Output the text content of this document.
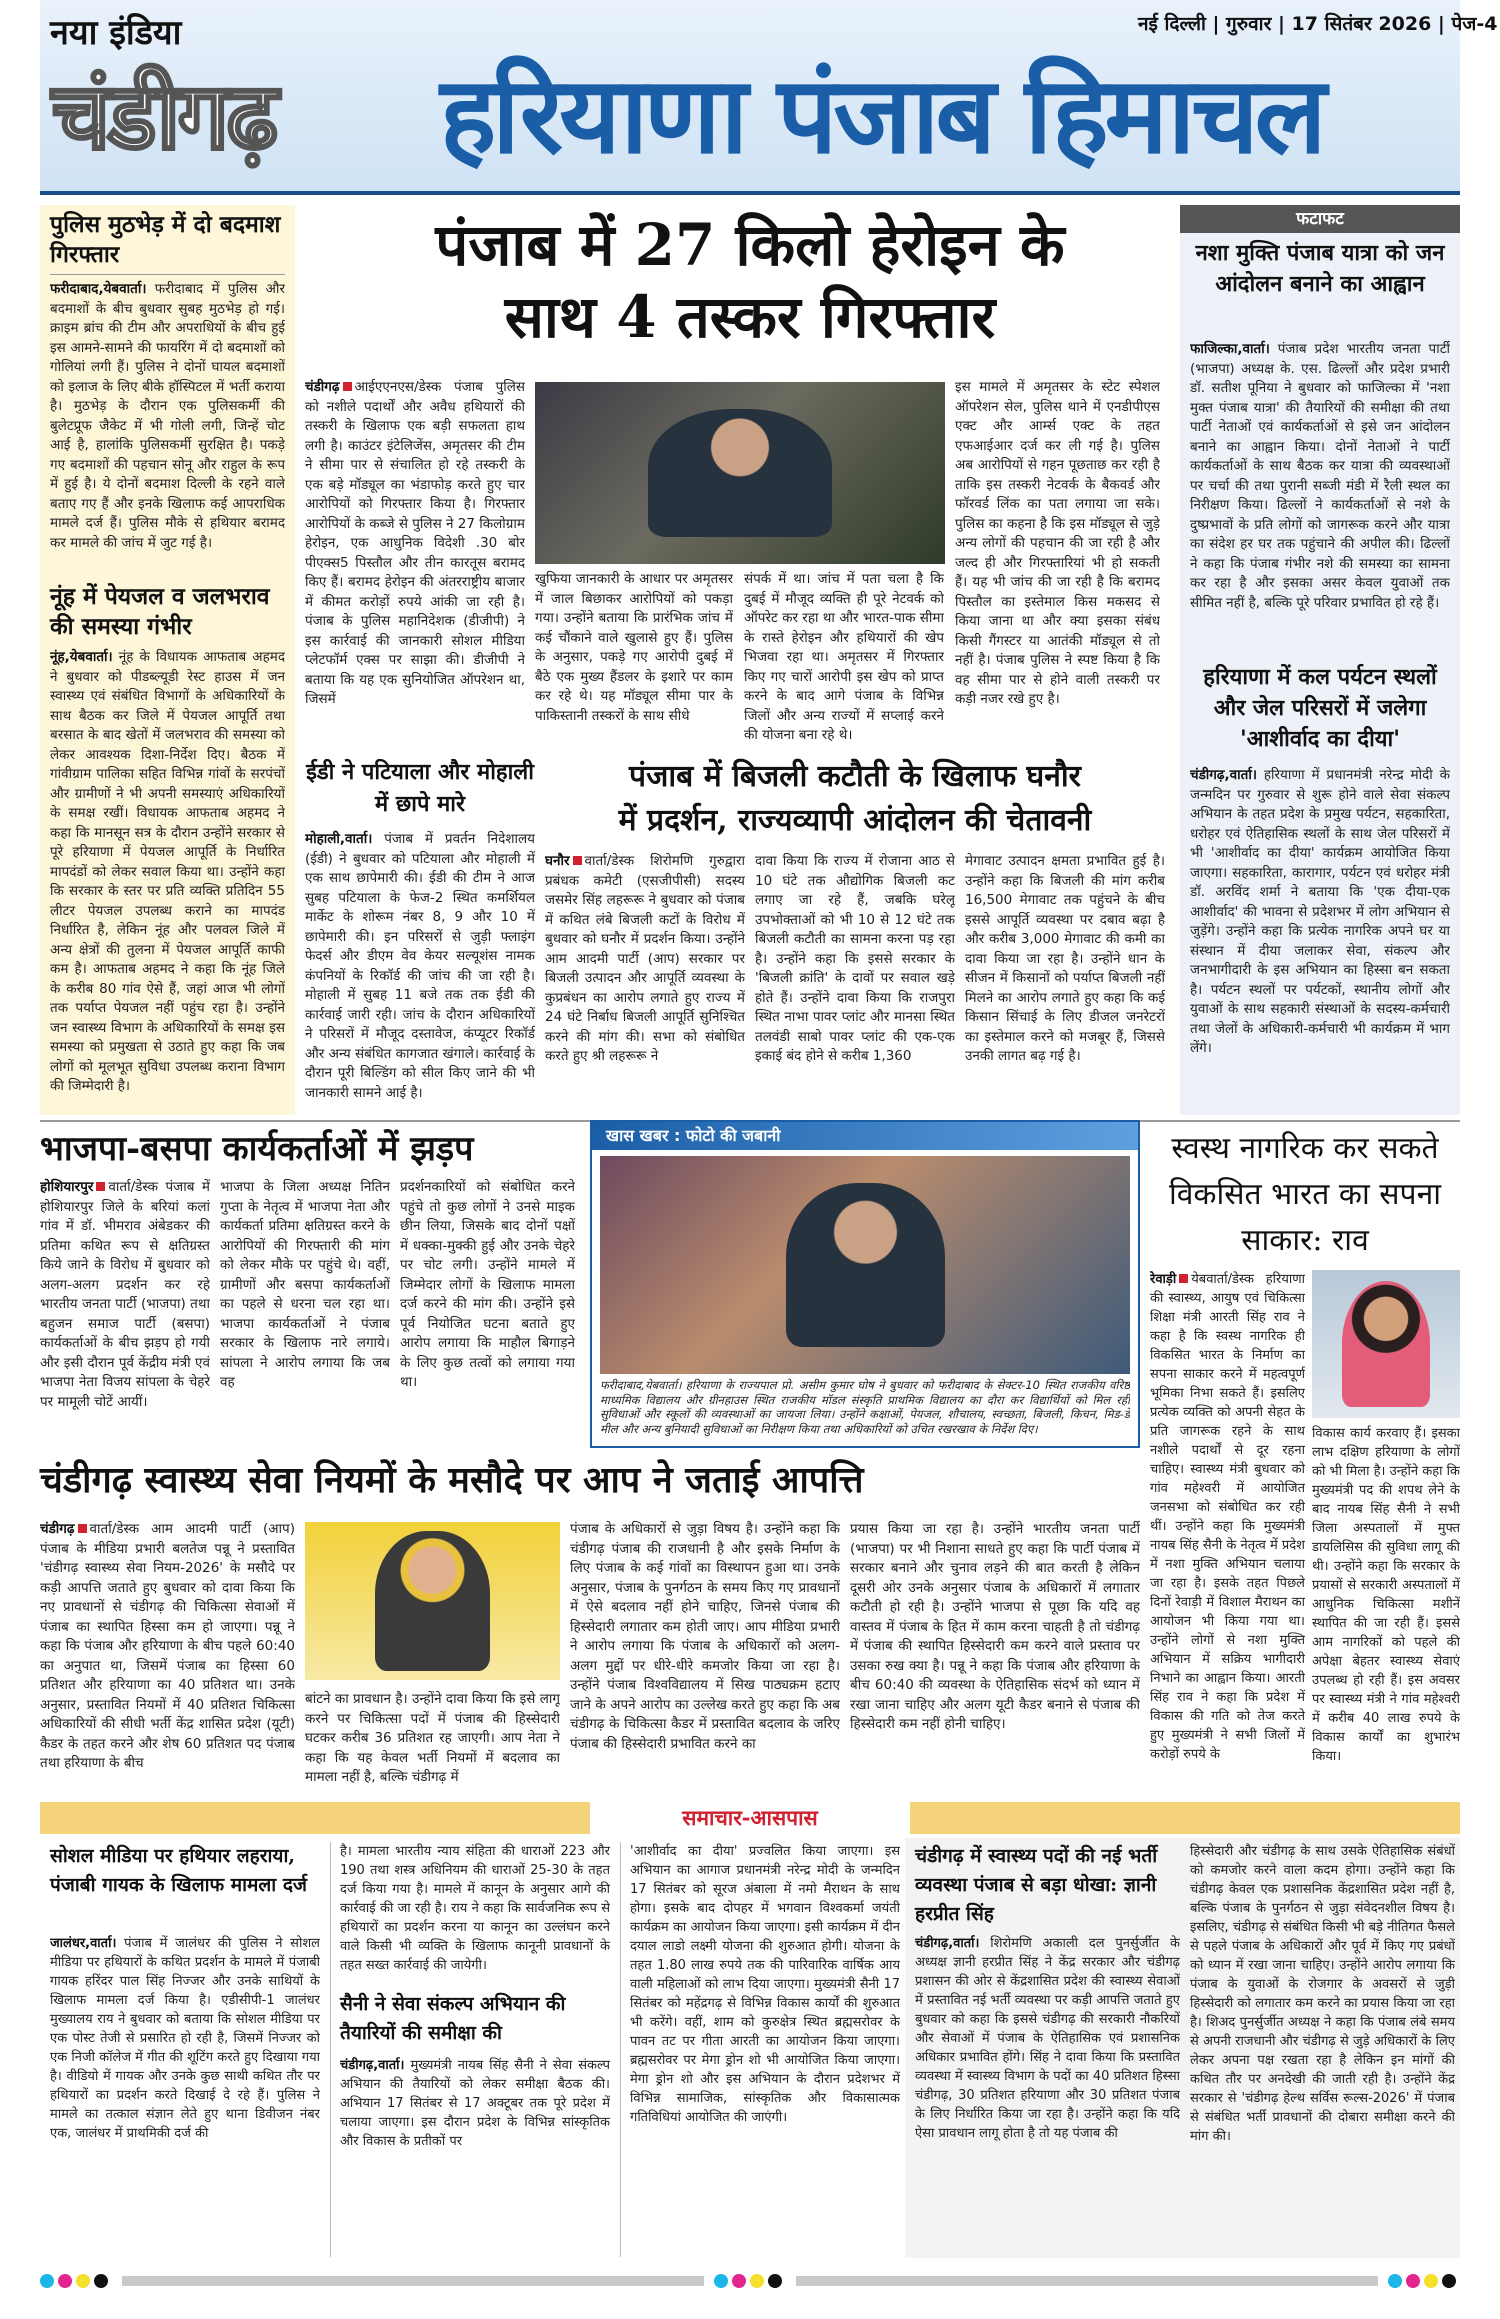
नया इंडिया
चंडीगढ़
नई दिल्ली | गुरुवार | 17 सितंबर 2026 | पेज-4
हरियाणा पंजाब हिमाचल
पुलिस मुठभेड़ में दो बदमाश गिरफ्तार
फरीदाबाद,येबवार्ता। फरीदाबाद में पुलिस और बदमाशों के बीच बुधवार सुबह मुठभेड़ हो गई। क्राइम ब्रांच की टीम और अपराधियों के बीच हुई इस आमने-सामने की फायरिंग में दो बदमाशों को गोलियां लगी हैं। पुलिस ने दोनों घायल बदमाशों को इलाज के लिए बीके हॉस्पिटल में भर्ती कराया है। मुठभेड़ के दौरान एक पुलिसकर्मी की बुलेटप्रूफ जैकेट में भी गोली लगी, जिन्हें चोट आई है, हालांकि पुलिसकर्मी सुरक्षित है। पकड़े गए बदमाशों की पहचान सोनू और राहुल के रूप में हुई है। ये दोनों बदमाश दिल्ली के रहने वाले बताए गए हैं और इनके खिलाफ कई आपराधिक मामले दर्ज हैं। पुलिस मौके से हथियार बरामद कर मामले की जांच में जुट गई है।
नूंह में पेयजल व जलभराव की समस्या गंभीर
नूंह,येबवार्ता। नूंह के विधायक आफताब अहमद ने बुधवार को पीडब्ल्यूडी रेस्ट हाउस में जन स्वास्थ्य एवं संबंधित विभागों के अधिकारियों के साथ बैठक कर जिले में पेयजल आपूर्ति तथा बरसात के बाद खेतों में जलभराव की समस्या को लेकर आवश्यक दिशा-निर्देश दिए। बैठक में गांवीग्राम पालिका सहित विभिन्न गांवों के सरपंचों और ग्रामीणों ने भी अपनी समस्याएं अधिकारियों के समक्ष रखीं। विधायक आफताब अहमद ने कहा कि मानसून सत्र के दौरान उन्होंने सरकार से पूरे हरियाणा में पेयजल आपूर्ति के निर्धारित मापदंडों को लेकर सवाल किया था। उन्होंने कहा कि सरकार के स्तर पर प्रति व्यक्ति प्रतिदिन 55 लीटर पेयजल उपलब्ध कराने का मापदंड निर्धारित है, लेकिन नूंह और पलवल जिले में अन्य क्षेत्रों की तुलना में पेयजल आपूर्ति काफी कम है। आफताब अहमद ने कहा कि नूंह जिले के करीब 80 गांव ऐसे हैं, जहां आज भी लोगों तक पर्याप्त पेयजल नहीं पहुंच रहा है। उन्होंने जन स्वास्थ्य विभाग के अधिकारियों के समक्ष इस समस्या को प्रमुखता से उठाते हुए कहा कि जब लोगों को मूलभूत सुविधा उपलब्ध कराना विभाग की जिम्मेदारी है।
पंजाब में 27 किलो हेरोइन के
साथ 4 तस्कर गिरफ्तार
चंडीगढ़ आईएएनएस/डेस्क पंजाब पुलिस को नशीले पदार्थों और अवैध हथियारों की तस्करी के खिलाफ एक बड़ी सफलता हाथ लगी है। काउंटर इंटेलिजेंस, अमृतसर की टीम ने सीमा पार से संचालित हो रहे तस्करी के एक बड़े मॉड्यूल का भंडाफोड़ करते हुए चार आरोपियों को गिरफ्तार किया है। गिरफ्तार आरोपियों के कब्जे से पुलिस ने 27 किलोग्राम हेरोइन, एक आधुनिक विदेशी .30 बोर पीएक्स5 पिस्तौल और तीन कारतूस बरामद किए हैं। बरामद हेरोइन की अंतरराष्ट्रीय बाजार में कीमत करोड़ों रुपये आंकी जा रही है। पंजाब के पुलिस महानिदेशक (डीजीपी) ने इस कार्रवाई की जानकारी सोशल मीडिया प्लेटफॉर्म एक्स पर साझा की। डीजीपी ने बताया कि यह एक सुनियोजित ऑपरेशन था, जिसमें
खुफिया जानकारी के आधार पर अमृतसर में जाल बिछाकर आरोपियों को पकड़ा गया। उन्होंने बताया कि प्रारंभिक जांच में कई चौंकाने वाले खुलासे हुए हैं। पुलिस के अनुसार, पकड़े गए आरोपी दुबई में बैठे एक मुख्य हैंडलर के इशारे पर काम कर रहे थे। यह मॉड्यूल सीमा पार के पाकिस्तानी तस्करों के साथ सीधे
संपर्क में था। जांच में पता चला है कि दुबई में मौजूद व्यक्ति ही पूरे नेटवर्क को ऑपरेट कर रहा था और भारत-पाक सीमा के रास्ते हेरोइन और हथियारों की खेप भिजवा रहा था। अमृतसर में गिरफ्तार किए गए चारों आरोपी इस खेप को प्राप्त करने के बाद आगे पंजाब के विभिन्न जिलों और अन्य राज्यों में सप्लाई करने की योजना बना रहे थे।
इस मामले में अमृतसर के स्टेट स्पेशल ऑपरेशन सेल, पुलिस थाने में एनडीपीएस एक्ट और आर्म्स एक्ट के तहत एफआईआर दर्ज कर ली गई है। पुलिस अब आरोपियों से गहन पूछताछ कर रही है ताकि इस तस्करी नेटवर्क के बैकवर्ड और फॉरवर्ड लिंक का पता लगाया जा सके। पुलिस का कहना है कि इस मॉड्यूल से जुड़े अन्य लोगों की पहचान की जा रही है और जल्द ही और गिरफ्तारियां भी हो सकती हैं। यह भी जांच की जा रही है कि बरामद पिस्तौल का इस्तेमाल किस मकसद से किया जाना था और क्या इसका संबंध किसी गैंगस्टर या आतंकी मॉड्यूल से तो नहीं है। पंजाब पुलिस ने स्पष्ट किया है कि वह सीमा पार से होने वाली तस्करी पर कड़ी नजर रखे हुए है।
ईडी ने पटियाला और मोहाली में छापे मारे
मोहाली,वार्ता। पंजाब में प्रवर्तन निदेशालय (ईडी) ने बुधवार को पटियाला और मोहाली में एक साथ छापेमारी की। ईडी की टीम ने आज सुबह पटियाला के फेज-2 स्थित कमर्शियल मार्केट के शोरूम नंबर 8, 9 और 10 में छापेमारी की। इन परिसरों से जुड़ी फ्लाइंग फेदर्स और डीएम वेव केयर सल्यूशंस नामक कंपनियों के रिकॉर्ड की जांच की जा रही है। मोहाली में सुबह 11 बजे तक तक ईडी की कार्रवाई जारी रही। जांच के दौरान अधिकारियों ने परिसरों में मौजूद दस्तावेज, कंप्यूटर रिकॉर्ड और अन्य संबंधित कागजात खंगाले। कार्रवाई के दौरान पूरी बिल्डिंग को सील किए जाने की भी जानकारी सामने आई है।
पंजाब में बिजली कटौती के खिलाफ घनौर
में प्रदर्शन, राज्यव्यापी आंदोलन की चेतावनी
घनौर वार्ता/डेस्क शिरोमणि गुरुद्वारा प्रबंधक कमेटी (एसजीपीसी) सदस्य जसमेर सिंह लहरूरू ने बुधवार को पंजाब में कथित लंबे बिजली कटों के विरोध में बुधवार को घनौर में प्रदर्शन किया। उन्होंने आम आदमी पार्टी (आप) सरकार पर बिजली उत्पादन और आपूर्ति व्यवस्था के कुप्रबंधन का आरोप लगाते हुए राज्य में 24 घंटे निर्बाध बिजली आपूर्ति सुनिश्चित करने की मांग की। सभा को संबोधित करते हुए श्री लहरूरू ने
दावा किया कि राज्य में रोजाना आठ से 10 घंटे तक औद्योगिक बिजली कट लगाए जा रहे हैं, जबकि घरेलू उपभोक्ताओं को भी 10 से 12 घंटे तक बिजली कटौती का सामना करना पड़ रहा है। उन्होंने कहा कि इससे सरकार के 'बिजली क्रांति' के दावों पर सवाल खड़े होते हैं। उन्होंने दावा किया कि राजपुरा स्थित नाभा पावर प्लांट और मानसा स्थित तलवंडी साबो पावर प्लांट की एक-एक इकाई बंद होने से करीब 1,360
मेगावाट उत्पादन क्षमता प्रभावित हुई है। उन्होंने कहा कि बिजली की मांग करीब 16,500 मेगावाट तक पहुंचने के बीच इससे आपूर्ति व्यवस्था पर दबाव बढ़ा है और करीब 3,000 मेगावाट की कमी का दावा किया जा रहा है। उन्होंने धान के सीजन में किसानों को पर्याप्त बिजली नहीं मिलने का आरोप लगाते हुए कहा कि कई किसान सिंचाई के लिए डीजल जनरेटरों का इस्तेमाल करने को मजबूर हैं, जिससे उनकी लागत बढ़ गई है।
फटाफट
नशा मुक्ति पंजाब यात्रा को जन आंदोलन बनाने का आह्वान
फाजिल्का,वार्ता। पंजाब प्रदेश भारतीय जनता पार्टी (भाजपा) अध्यक्ष के. एस. ढिल्लों और प्रदेश प्रभारी डॉ. सतीश पूनिया ने बुधवार को फाजिल्का में 'नशा मुक्त पंजाब यात्रा' की तैयारियों की समीक्षा की तथा पार्टी नेताओं एवं कार्यकर्ताओं से इसे जन आंदोलन बनाने का आह्वान किया। दोनों नेताओं ने पार्टी कार्यकर्ताओं के साथ बैठक कर यात्रा की व्यवस्थाओं पर चर्चा की तथा पुरानी सब्जी मंडी में रैली स्थल का निरीक्षण किया। ढिल्लों ने कार्यकर्ताओं से नशे के दुष्प्रभावों के प्रति लोगों को जागरूक करने और यात्रा का संदेश हर घर तक पहुंचाने की अपील की। ढिल्लों ने कहा कि पंजाब गंभीर नशे की समस्या का सामना कर रहा है और इसका असर केवल युवाओं तक सीमित नहीं है, बल्कि पूरे परिवार प्रभावित हो रहे हैं।
हरियाणा में कल पर्यटन स्थलों और जेल परिसरों में जलेगा 'आशीर्वाद का दीया'
चंडीगढ़,वार्ता। हरियाणा में प्रधानमंत्री नरेन्द्र मोदी के जन्मदिन पर गुरुवार से शुरू होने वाले सेवा संकल्प अभियान के तहत प्रदेश के प्रमुख पर्यटन, सहकारिता, धरोहर एवं ऐतिहासिक स्थलों के साथ जेल परिसरों में भी 'आशीर्वाद का दीया' कार्यक्रम आयोजित किया जाएगा। सहकारिता, कारागार, पर्यटन एवं धरोहर मंत्री डॉ. अरविंद शर्मा ने बताया कि 'एक दीया-एक आशीर्वाद' की भावना से प्रदेशभर में लोग अभियान से जुड़ेंगे। उन्होंने कहा कि प्रत्येक नागरिक अपने घर या संस्थान में दीया जलाकर सेवा, संकल्प और जनभागीदारी के इस अभियान का हिस्सा बन सकता है। पर्यटन स्थलों पर पर्यटकों, स्थानीय लोगों और युवाओं के साथ सहकारी संस्थाओं के सदस्य-कर्मचारी तथा जेलों के अधिकारी-कर्मचारी भी कार्यक्रम में भाग लेंगे।
भाजपा-बसपा कार्यकर्ताओं में झड़प
होशियारपुर वार्ता/डेस्क पंजाब में होशियारपुर जिले के बरियां कलां गांव में डॉ. भीमराव अंबेडकर की प्रतिमा कथित रूप से क्षतिग्रस्त किये जाने के विरोध में बुधवार को अलग-अलग प्रदर्शन कर रहे भारतीय जनता पार्टी (भाजपा) तथा बहुजन समाज पार्टी (बसपा) कार्यकर्ताओं के बीच झड़प हो गयी और इसी दौरान पूर्व केंद्रीय मंत्री एवं भाजपा नेता विजय सांपला के चेहरे पर मामूली चोटें आयीं।
भाजपा के जिला अध्यक्ष नितिन गुप्ता के नेतृत्व में भाजपा नेता और कार्यकर्ता प्रतिमा क्षतिग्रस्त करने के आरोपियों की गिरफ्तारी की मांग को लेकर मौके पर पहुंचे थे। वहीं, ग्रामीणों और बसपा कार्यकर्ताओं का पहले से धरना चल रहा था। भाजपा कार्यकर्ताओं ने पंजाब सरकार के खिलाफ नारे लगाये। सांपला ने आरोप लगाया कि जब वह
प्रदर्शनकारियों को संबोधित करने पहुंचे तो कुछ लोगों ने उनसे माइक छीन लिया, जिसके बाद दोनों पक्षों में धक्का-मुक्की हुई और उनके चेहरे पर चोट लगी। उन्होंने मामले में जिम्मेदार लोगों के खिलाफ मामला दर्ज करने की मांग की। उन्होंने इसे पूर्व नियोजित घटना बताते हुए आरोप लगाया कि माहौल बिगाड़ने के लिए कुछ तत्वों को लगाया गया था।
खास खबर : फोटो की जबानी
फरीदाबाद,येबवार्ता। हरियाणा के राज्यपाल प्रो. असीम कुमार घोष ने बुधवार को फरीदाबाद के सेक्टर-10 स्थित राजकीय वरिष्ठ माध्यमिक विद्यालय और ग्रीनहाउस स्थित राजकीय मॉडल संस्कृति प्राथमिक विद्यालय का दौरा कर विद्यार्थियों को मिल रही सुविधाओं और स्कूलों की व्यवस्थाओं का जायजा लिया। उन्होंने कक्षाओं, पेयजल, शौचालय, स्वच्छता, बिजली, किचन, मिड-डे मील और अन्य बुनियादी सुविधाओं का निरीक्षण किया तथा अधिकारियों को उचित रखरखाव के निर्देश दिए।
स्वस्थ नागरिक कर सकते विकसित भारत का सपना साकार: राव
रेवाड़ी येबवार्ता/डेस्क हरियाणा की स्वास्थ्य, आयुष एवं चिकित्सा शिक्षा मंत्री आरती सिंह राव ने कहा है कि स्वस्थ नागरिक ही विकसित भारत के निर्माण का सपना साकार करने में महत्वपूर्ण भूमिका निभा सकते हैं। इसलिए प्रत्येक व्यक्ति को अपनी सेहत के प्रति जागरूक रहने के साथ नशीले पदार्थों से दूर रहना चाहिए। स्वास्थ्य मंत्री बुधवार को गांव महेश्वरी में आयोजित जनसभा को संबोधित कर रही थीं। उन्होंने कहा कि मुख्यमंत्री नायब सिंह सैनी के नेतृत्व में प्रदेश में नशा मुक्ति अभियान चलाया जा रहा है। इसके तहत पिछले दिनों रेवाड़ी में विशाल मैराथन का आयोजन भी किया गया था। उन्होंने लोगों से नशा मुक्ति अभियान में सक्रिय भागीदारी निभाने का आह्वान किया। आरती सिंह राव ने कहा कि प्रदेश में विकास की गति को तेज करते हुए मुख्यमंत्री ने सभी जिलों में करोड़ों रुपये के
विकास कार्य करवाए हैं। इसका लाभ दक्षिण हरियाणा के लोगों को भी मिला है। उन्होंने कहा कि मुख्यमंत्री पद की शपथ लेने के बाद नायब सिंह सैनी ने सभी जिला अस्पतालों में मुफ्त डायलिसिस की सुविधा लागू की थी। उन्होंने कहा कि सरकार के प्रयासों से सरकारी अस्पतालों में आधुनिक चिकित्सा मशीनें स्थापित की जा रही हैं। इससे आम नागरिकों को पहले की अपेक्षा बेहतर स्वास्थ्य सेवाएं उपलब्ध हो रही हैं। इस अवसर पर स्वास्थ्य मंत्री ने गांव महेश्वरी में करीब 40 लाख रुपये के विकास कार्यों का शुभारंभ किया।
चंडीगढ़ स्वास्थ्य सेवा नियमों के मसौदे पर आप ने जताई आपत्ति
चंडीगढ़ वार्ता/डेस्क आम आदमी पार्टी (आप) पंजाब के मीडिया प्रभारी बलतेज पन्नू ने प्रस्तावित 'चंडीगढ़ स्वास्थ्य सेवा नियम-2026' के मसौदे पर कड़ी आपत्ति जताते हुए बुधवार को दावा किया कि नए प्रावधानों से चंडीगढ़ की चिकित्सा सेवाओं में पंजाब का स्थापित हिस्सा कम हो जाएगा। पन्नू ने कहा कि पंजाब और हरियाणा के बीच पहले 60:40 का अनुपात था, जिसमें पंजाब का हिस्सा 60 प्रतिशत और हरियाणा का 40 प्रतिशत था। उनके अनुसार, प्रस्तावित नियमों में 40 प्रतिशत चिकित्सा अधिकारियों की सीधी भर्ती केंद्र शासित प्रदेश (यूटी) कैडर के तहत करने और शेष 60 प्रतिशत पद पंजाब तथा हरियाणा के बीच
बांटने का प्रावधान है। उन्होंने दावा किया कि इसे लागू करने पर चिकित्सा पदों में पंजाब की हिस्सेदारी घटकर करीब 36 प्रतिशत रह जाएगी। आप नेता ने कहा कि यह केवल भर्ती नियमों में बदलाव का मामला नहीं है, बल्कि चंडीगढ़ में
पंजाब के अधिकारों से जुड़ा विषय है। उन्होंने कहा कि चंडीगढ़ पंजाब की राजधानी है और इसके निर्माण के लिए पंजाब के कई गांवों का विस्थापन हुआ था। उनके अनुसार, पंजाब के पुनर्गठन के समय किए गए प्रावधानों में ऐसे बदलाव नहीं होने चाहिए, जिनसे पंजाब की हिस्सेदारी लगातार कम होती जाए। आप मीडिया प्रभारी ने आरोप लगाया कि पंजाब के अधिकारों को अलग-अलग मुद्दों पर धीरे-धीरे कमजोर किया जा रहा है। उन्होंने पंजाब विश्वविद्यालय में सिख पाठ्यक्रम हटाए जाने के अपने आरोप का उल्लेख करते हुए कहा कि अब चंडीगढ़ के चिकित्सा कैडर में प्रस्तावित बदलाव के जरिए पंजाब की हिस्सेदारी प्रभावित करने का
प्रयास किया जा रहा है। उन्होंने भारतीय जनता पार्टी (भाजपा) पर भी निशाना साधते हुए कहा कि पार्टी पंजाब में सरकार बनाने और चुनाव लड़ने की बात करती है लेकिन दूसरी ओर उनके अनुसार पंजाब के अधिकारों में लगातार कटौती हो रही है। उन्होंने भाजपा से पूछा कि यदि वह वास्तव में पंजाब के हित में काम करना चाहती है तो चंडीगढ़ में पंजाब की स्थापित हिस्सेदारी कम करने वाले प्रस्ताव पर उसका रुख क्या है। पन्नू ने कहा कि पंजाब और हरियाणा के बीच 60:40 की व्यवस्था के ऐतिहासिक संदर्भ को ध्यान में रखा जाना चाहिए और अलग यूटी कैडर बनाने से पंजाब की हिस्सेदारी कम नहीं होनी चाहिए।
समाचार-आसपास
सोशल मीडिया पर हथियार लहराया, पंजाबी गायक के खिलाफ मामला दर्ज
जालंधर,वार्ता। पंजाब में जालंधर की पुलिस ने सोशल मीडिया पर हथियारों के कथित प्रदर्शन के मामले में पंजाबी गायक हरिंदर पाल सिंह निज्जर और उनके साथियों के खिलाफ मामला दर्ज किया है। एडीसीपी-1 जालंधर मुख्यालय राय ने बुधवार को बताया कि सोशल मीडिया पर एक पोस्ट तेजी से प्रसारित हो रही है, जिसमें निज्जर को एक निजी कॉलेज में गीत की शूटिंग करते हुए दिखाया गया है। वीडियो में गायक और उनके कुछ साथी कथित तौर पर हथियारों का प्रदर्शन करते दिखाई दे रहे हैं। पुलिस ने मामले का तत्काल संज्ञान लेते हुए थाना डिवीजन नंबर एक, जालंधर में प्राथमिकी दर्ज की
है। मामला भारतीय न्याय संहिता की धाराओं 223 और 190 तथा शस्त्र अधिनियम की धाराओं 25-30 के तहत दर्ज किया गया है। मामले में कानून के अनुसार आगे की कार्रवाई की जा रही है। राय ने कहा कि सार्वजनिक रूप से हथियारों का प्रदर्शन करना या कानून का उल्लंघन करने वाले किसी भी व्यक्ति के खिलाफ कानूनी प्रावधानों के तहत सख्त कार्रवाई की जायेगी।
सैनी ने सेवा संकल्प अभियान की तैयारियों की समीक्षा की
चंडीगढ़,वार्ता। मुख्यमंत्री नायब सिंह सैनी ने सेवा संकल्प अभियान की तैयारियों को लेकर समीक्षा बैठक की। अभियान 17 सितंबर से 17 अक्टूबर तक पूरे प्रदेश में चलाया जाएगा। इस दौरान प्रदेश के विभिन्न सांस्कृतिक और विकास के प्रतीकों पर
'आशीर्वाद का दीया' प्रज्वलित किया जाएगा। इस अभियान का आगाज प्रधानमंत्री नरेन्द्र मोदी के जन्मदिन 17 सितंबर को सूरज अंबाला में नमो मैराथन के साथ होगा। इसके बाद दोपहर में भगवान विश्वकर्मा जयंती कार्यक्रम का आयोजन किया जाएगा। इसी कार्यक्रम में दीन दयाल लाडो लक्ष्मी योजना की शुरुआत होगी। योजना के तहत 1.80 लाख रुपये तक की पारिवारिक वार्षिक आय वाली महिलाओं को लाभ दिया जाएगा। मुख्यमंत्री सैनी 17 सितंबर को महेंद्रगढ़ से विभिन्न विकास कार्यों की शुरुआत भी करेंगे। वहीं, शाम को कुरुक्षेत्र स्थित ब्रह्मसरोवर के पावन तट पर गीता आरती का आयोजन किया जाएगा। ब्रह्मसरोवर पर मेगा ड्रोन शो भी आयोजित किया जाएगा। मेगा ड्रोन शो और इस अभियान के दौरान प्रदेशभर में विभिन्न सामाजिक, सांस्कृतिक और विकासात्मक गतिविधियां आयोजित की जाएंगी।
चंडीगढ़ में स्वास्थ्य पदों की नई भर्ती व्यवस्था पंजाब से बड़ा धोखा: ज्ञानी हरप्रीत सिंह
चंडीगढ़,वार्ता। शिरोमणि अकाली दल पुनर्सुर्जीत के अध्यक्ष ज्ञानी हरप्रीत सिंह ने केंद्र सरकार और चंडीगढ़ प्रशासन की ओर से केंद्रशासित प्रदेश की स्वास्थ्य सेवाओं में प्रस्तावित नई भर्ती व्यवस्था पर कड़ी आपत्ति जताते हुए बुधवार को कहा कि इससे चंडीगढ़ की सरकारी नौकरियों और सेवाओं में पंजाब के ऐतिहासिक एवं प्रशासनिक अधिकार प्रभावित होंगे। सिंह ने दावा किया कि प्रस्तावित व्यवस्था में स्वास्थ्य विभाग के पदों का 40 प्रतिशत हिस्सा चंडीगढ़, 30 प्रतिशत हरियाणा और 30 प्रतिशत पंजाब के लिए निर्धारित किया जा रहा है। उन्होंने कहा कि यदि ऐसा प्रावधान लागू होता है तो यह पंजाब की
हिस्सेदारी और चंडीगढ़ के साथ उसके ऐतिहासिक संबंधों को कमजोर करने वाला कदम होगा। उन्होंने कहा कि चंडीगढ़ केवल एक प्रशासनिक केंद्रशासित प्रदेश नहीं है, बल्कि पंजाब के पुनर्गठन से जुड़ा संवेदनशील विषय है। इसलिए, चंडीगढ़ से संबंधित किसी भी बड़े नीतिगत फैसले से पहले पंजाब के अधिकारों और पूर्व में किए गए प्रबंधों को ध्यान में रखा जाना चाहिए। उन्होंने आरोप लगाया कि पंजाब के युवाओं के रोजगार के अवसरों से जुड़ी हिस्सेदारी को लगातार कम करने का प्रयास किया जा रहा है। शिअद पुनर्सुर्जीत अध्यक्ष ने कहा कि पंजाब लंबे समय से अपनी राजधानी और चंडीगढ़ से जुड़े अधिकारों के लिए लेकर अपना पक्ष रखता रहा है लेकिन इन मांगों की कथित तौर पर अनदेखी की जाती रही है। उन्होंने केंद्र सरकार से 'चंडीगढ़ हेल्थ सर्विस रूल्स-2026' में पंजाब से संबंधित भर्ती प्रावधानों की दोबारा समीक्षा करने की मांग की।
